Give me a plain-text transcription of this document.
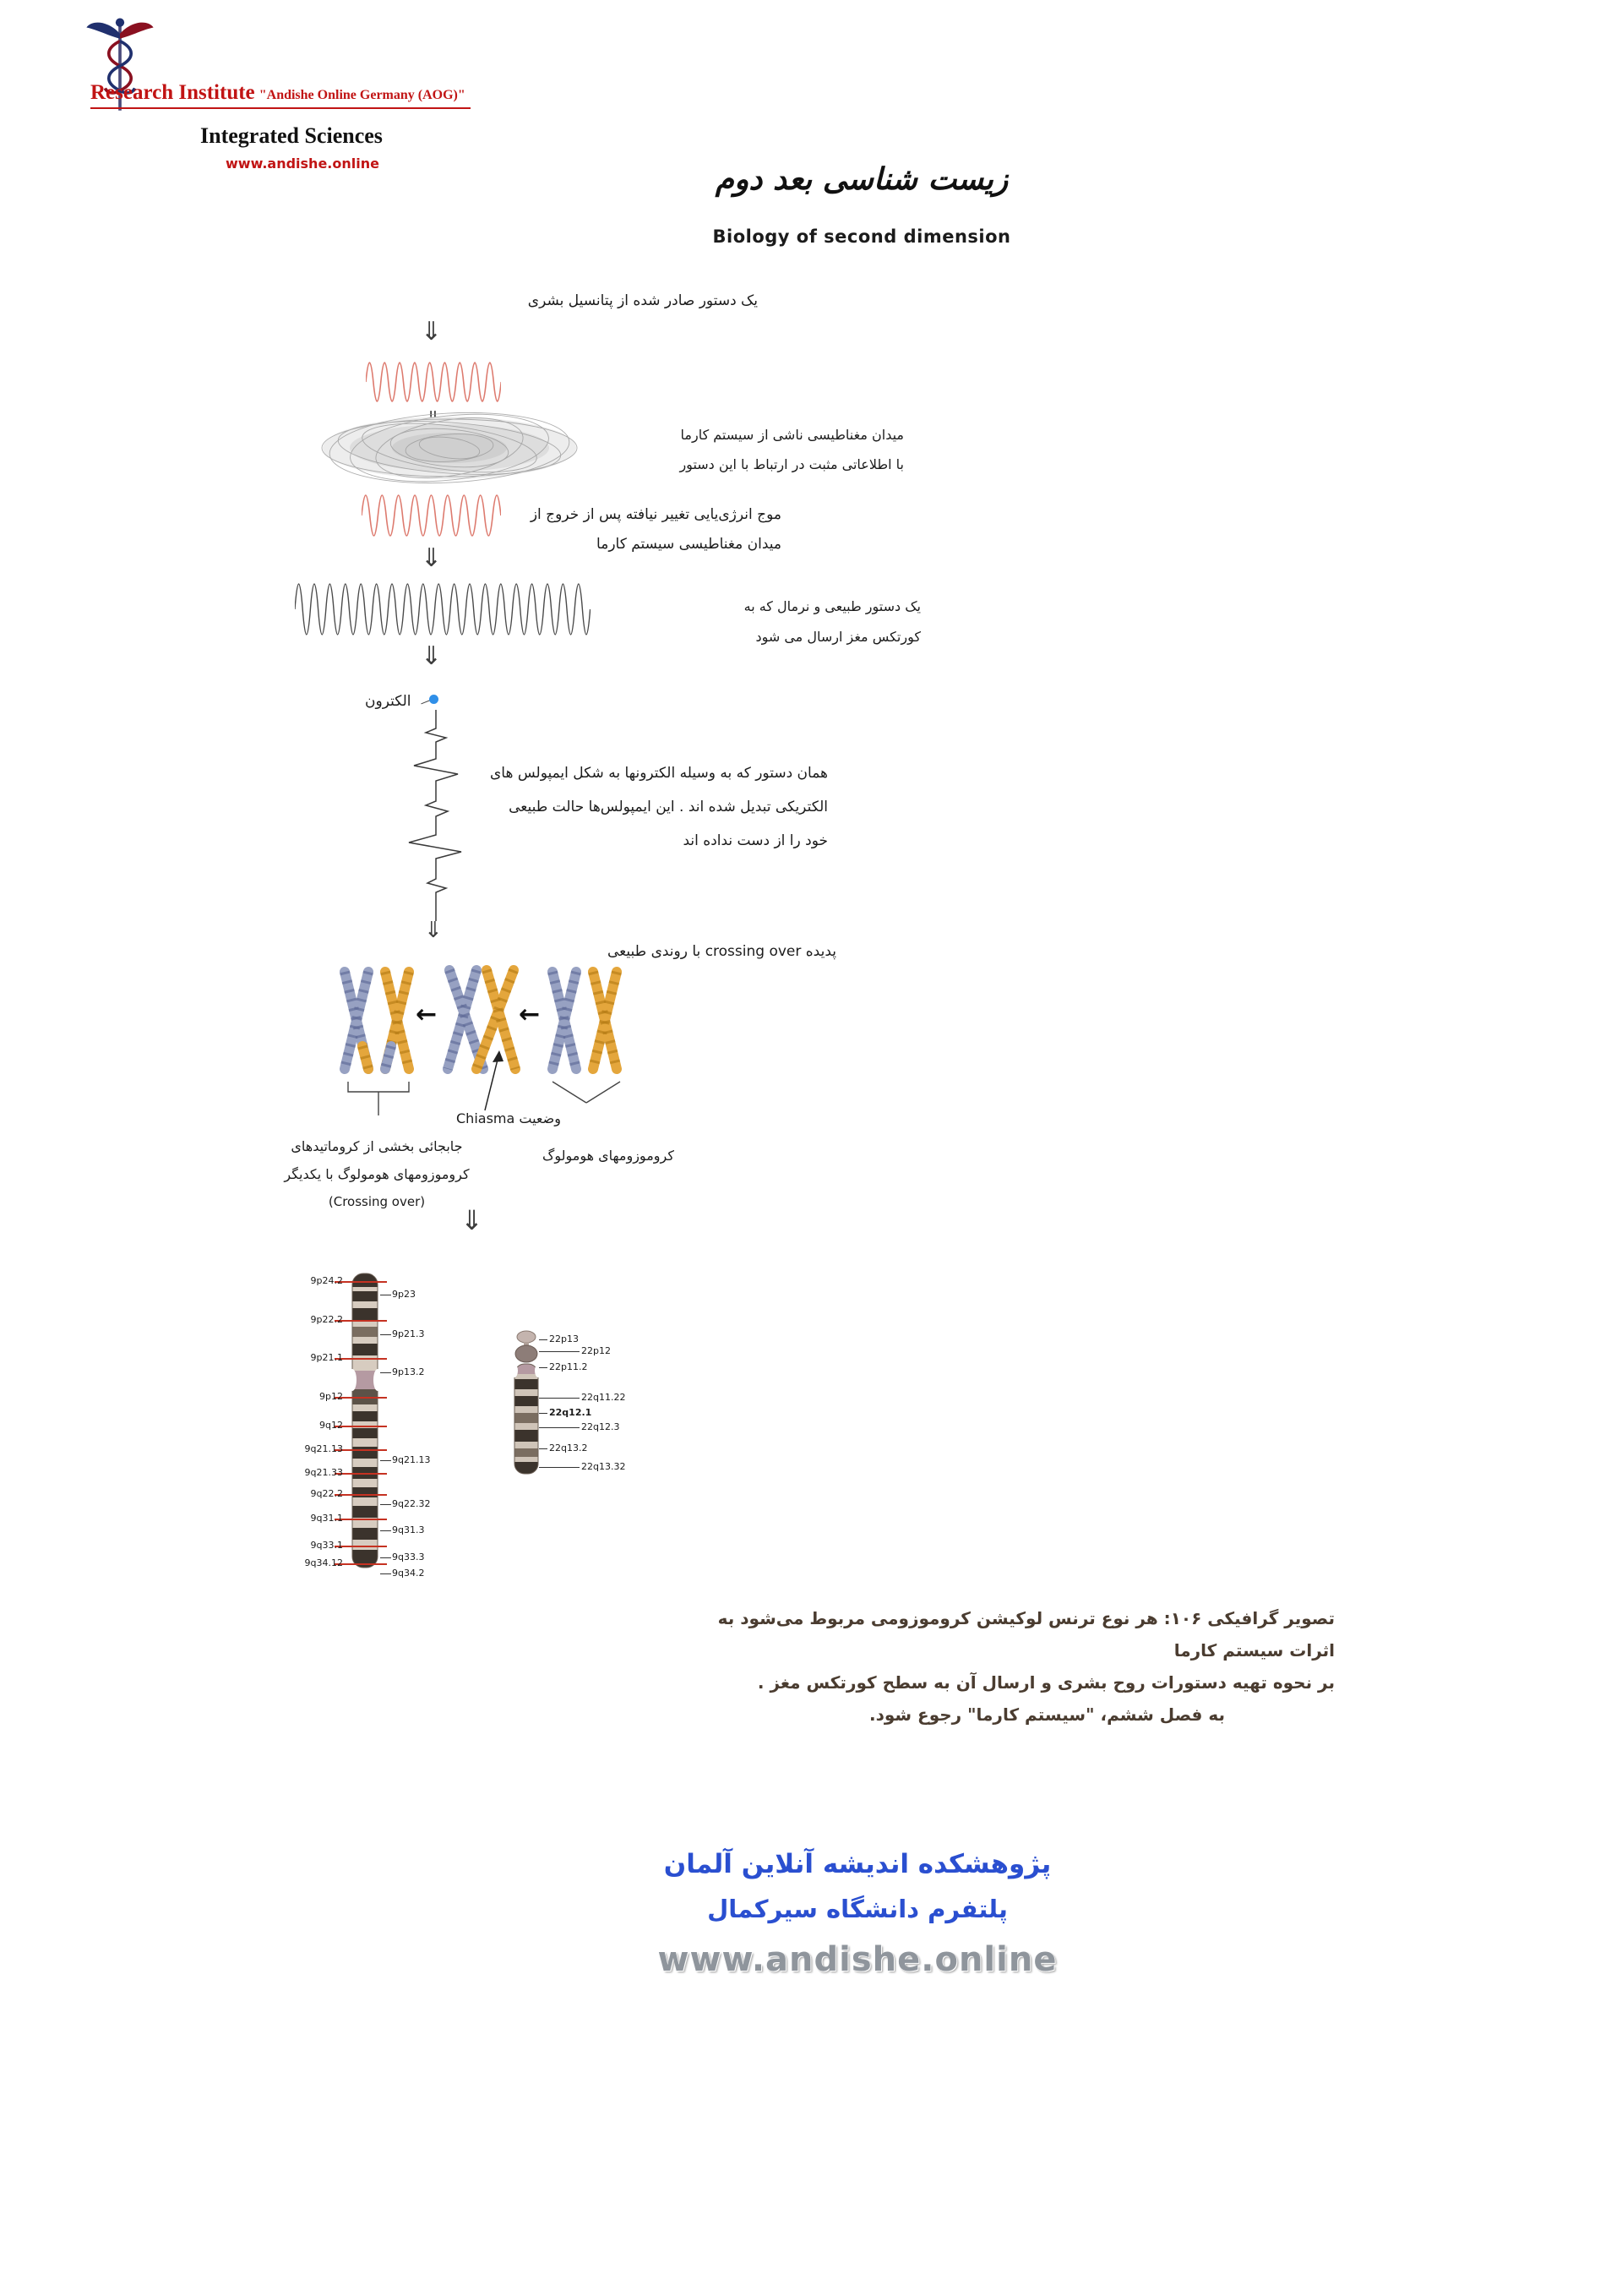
Research Institute "Andishe Online Germany (AOG)"
Integrated Sciences
www.andishe.online	زیست شناسی بعد دوم
Biology of second dimension
یک دستور صادر شده از پتانسیل بشری
⇓
میدان مغناطیسی ناشی از سیستم کارما
با اطلاعاتی مثبت در ارتباط با این دستور
موج انرژی‌یایی تغییر نیافته پس از خروج از
میدان مغناطیسی سیستم کارما
⇓
یک دستور طبیعی و نرمال که به
کورتکس مغز ارسال می شود
⇓
الکترون
همان دستور که به وسیله الکترونها به شکل ایمپولس های
الکتریکی تبدیل شده اند . این ایمپولس‌ها حالت طبیعی
خود را از دست نداده اند
⇓
پدیده crossing over با روندی طبیعی
←	←
وضعیت Chiasma
جابجائی بخشی از کروماتیدهای
کروموزومهای هومولوگ با یکدیگر
(Crossing over)
کروموزومهای هومولوگ
⇓
9p24.2
9p22.2
9p21.1
9p12
9q12
9q21.13
9q21.33
9q22.2
9q31.1
9q33.1
9q34.12
9p23
9p21.3
9p13.2
9q21.13
9q22.32
9q31.3
9q33.3
9q34.2
22p13
22p12
22p11.2
22q11.22
22q12.1
22q12.3
22q13.2
22q13.32
تصویر گرافیکی ۱۰۶: هر نوع ترنس لوکیشن کروموزومی مربوط می‌شود به اثرات سیستم کارما
بر نحوه تهیه دستورات روح بشری و ارسال آن به سطح کورتکس مغز .
به فصل ششم، "سیستم کارما" رجوع شود.
پژوهشکده اندیشه آنلاین آلمان
پلتفرم دانشگاه سیرکمال
www.andishe.online
